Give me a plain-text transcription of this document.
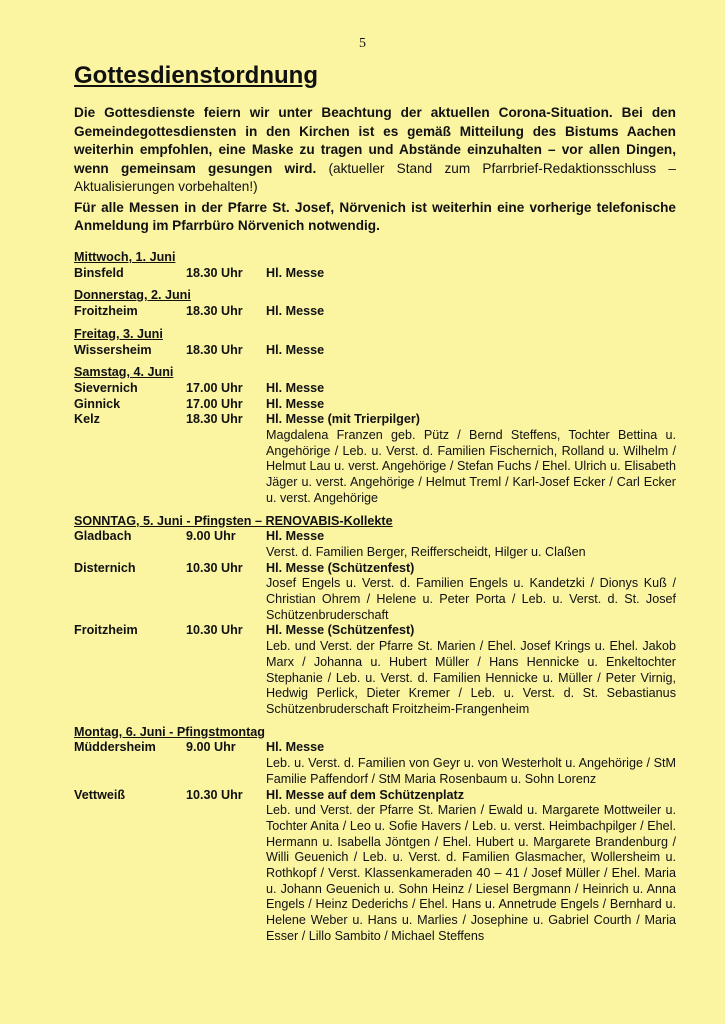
5
Gottesdienstordnung

Die Gottesdienste feiern wir unter Beachtung der aktuellen Corona-Situation. Bei den Gemeindegottesdiensten in den Kirchen ist es gemäß Mitteilung des Bistums Aachen weiterhin empfohlen, eine Maske zu tragen und Abstände einzuhalten – vor allen Dingen, wenn gemeinsam gesungen wird. (aktueller Stand zum Pfarrbrief-Redaktionsschluss – Aktualisierungen vorbehalten!)

Für alle Messen in der Pfarre St. Josef, Nörvenich ist weiterhin eine vorherige telefonische Anmeldung im Pfarrbüro Nörvenich notwendig.

Mittwoch, 1. Juni
Binsfeld	18.30 Uhr	Hl. Messe
Donnerstag, 2. Juni
Froitzheim	18.30 Uhr	Hl. Messe
Freitag, 3. Juni
Wissersheim	18.30 Uhr	Hl. Messe
Samstag, 4. Juni
Sievernich	17.00 Uhr	Hl. Messe
Ginnick	17.00 Uhr	Hl. Messe
Kelz	18.30 Uhr	Hl. Messe (mit Trierpilger)
Magdalena Franzen geb. Pütz / Bernd Steffens, Tochter Bettina u. Angehörige / Leb. u. Verst. d. Familien Fischernich, Rolland u. Wilhelm / Helmut Lau u. verst. Angehörige / Stefan Fuchs / Ehel. Ulrich u. Elisabeth Jäger u. verst. Angehörige / Helmut Treml / Karl-Josef Ecker / Carl Ecker u. verst. Angehörige
SONNTAG, 5. Juni - Pfingsten – RENOVABIS-Kollekte
Gladbach	9.00 Uhr	Hl. Messe
Verst. d. Familien Berger, Reifferscheidt, Hilger u. Claßen
Disternich	10.30 Uhr	Hl. Messe (Schützenfest)
Josef Engels u. Verst. d. Familien Engels u. Kandetzki / Dionys Kuß / Christian Ohrem / Helene u. Peter Porta / Leb. u. Verst. d. St. Josef Schützenbruderschaft
Froitzheim	10.30 Uhr	Hl. Messe (Schützenfest)
Leb. und Verst. der Pfarre St. Marien / Ehel. Josef Krings u. Ehel. Jakob Marx / Johanna u. Hubert Müller / Hans Hennicke u. Enkeltochter Stephanie / Leb. u. Verst. d. Familien Hennicke u. Müller / Peter Virnig, Hedwig Perlick, Dieter Kremer / Leb. u. Verst. d. St. Sebastianus Schützenbruderschaft Froitzheim-Frangenheim
Montag, 6. Juni - Pfingstmontag
Müddersheim	9.00 Uhr	Hl. Messe
Leb. u. Verst. d. Familien von Geyr u. von Westerholt u. Angehörige / StM Familie Paffendorf / StM Maria Rosenbaum u. Sohn Lorenz
Vettweiß	10.30 Uhr	Hl. Messe auf dem Schützenplatz
Leb. und Verst. der Pfarre St. Marien / Ewald u. Margarete Mottweiler u. Tochter Anita / Leo u. Sofie Havers / Leb. u. verst. Heimbachpilger / Ehel. Hermann u. Isabella Jöntgen / Ehel. Hubert u. Margarete Brandenburg / Willi Geuenich / Leb. u. Verst. d. Familien Glasmacher, Wollersheim u. Rothkopf / Verst. Klassenkameraden 40 – 41 / Josef Müller / Ehel. Maria u. Johann Geuenich u. Sohn Heinz / Liesel Bergmann / Heinrich u. Anna Engels / Heinz Dederichs / Ehel. Hans u. Annetrude Engels / Bernhard u. Helene Weber u. Hans u. Marlies / Josephine u. Gabriel Courth / Maria Esser / Lillo Sambito / Michael Steffens
